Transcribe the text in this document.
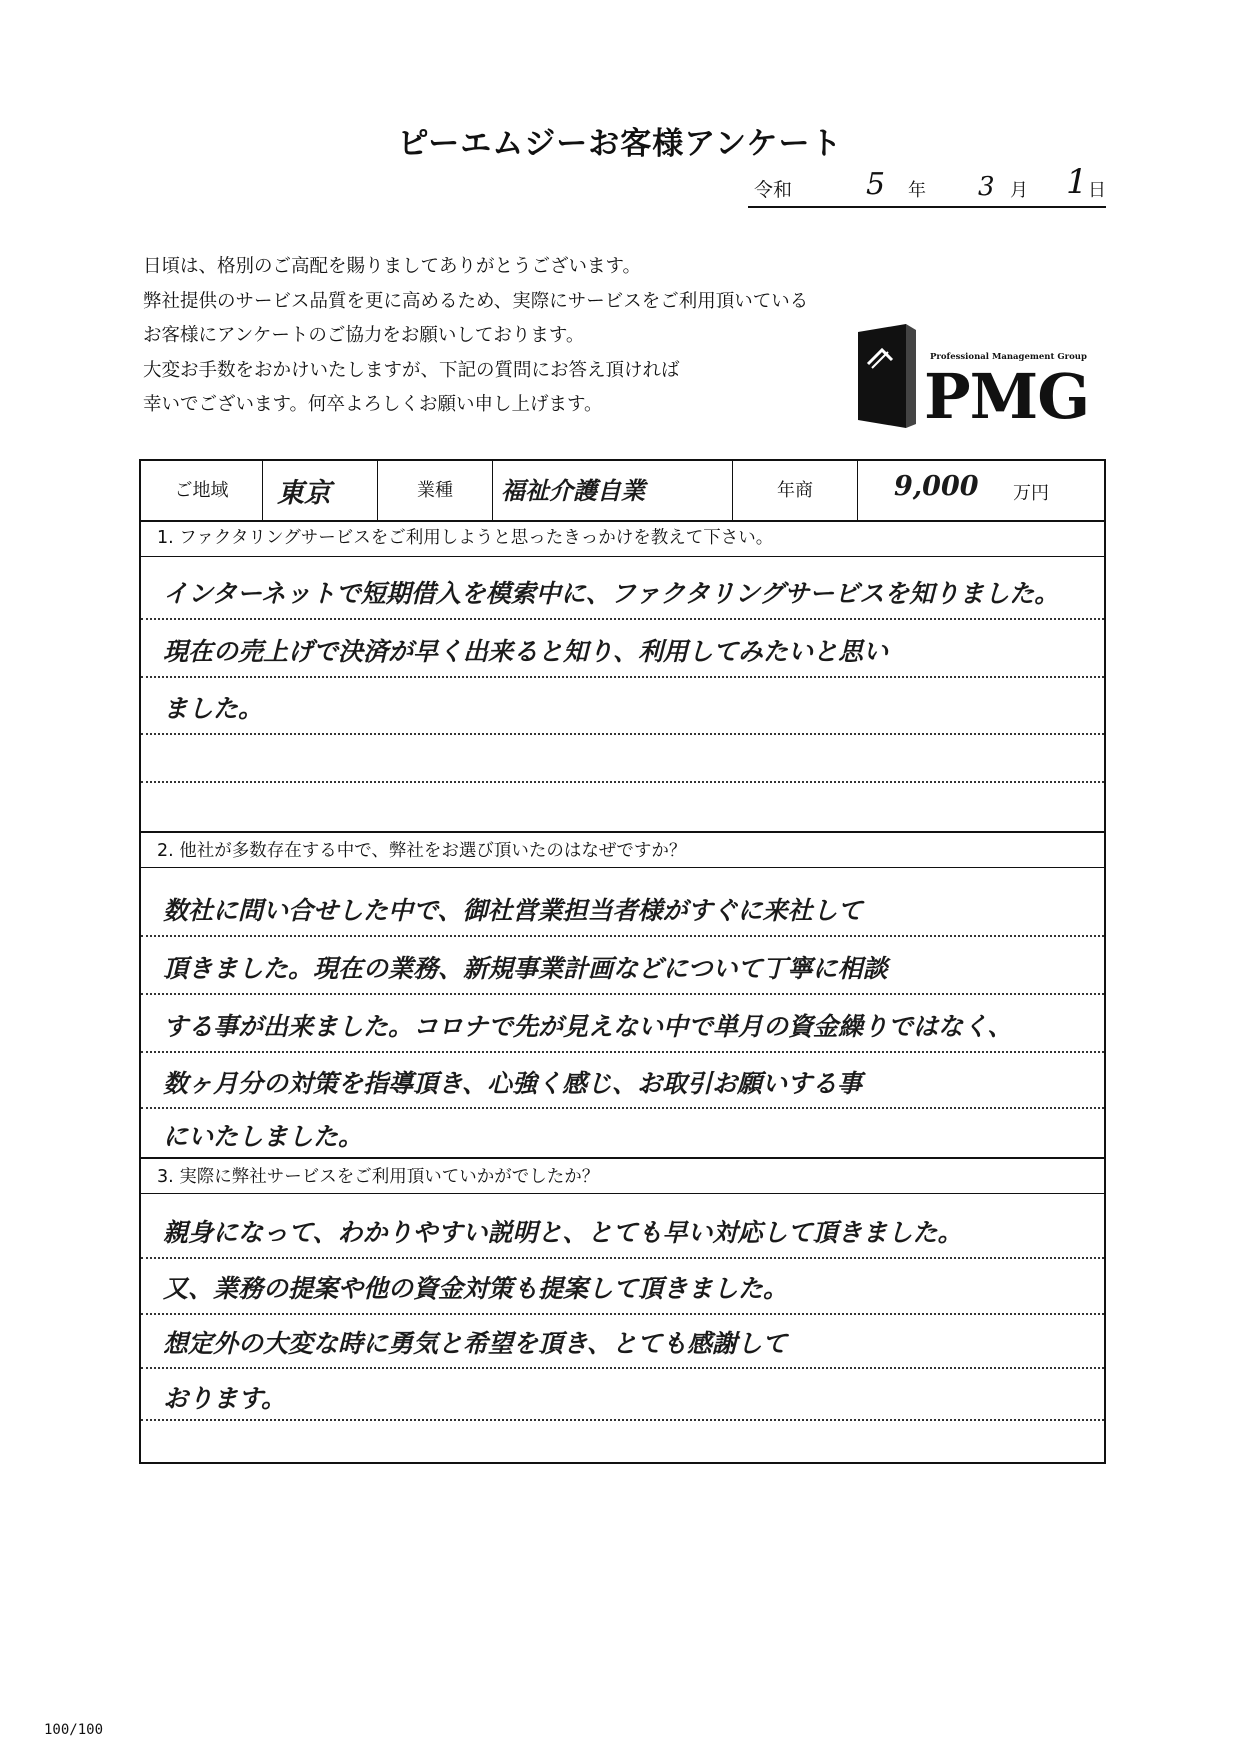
ピーエムジーお客様アンケート
令和 5 年 3 月 1 日
日頃は、格別のご高配を賜りましてありがとうございます。
弊社提供のサービス品質を更に高めるため、実際にサービスをご利用頂いている
お客様にアンケートのご協力をお願いしております。
大変お手数をおかけいたしますが、下記の質問にお答え頂ければ
幸いでございます。何卒よろしくお願い申し上げます。
Professional Management Group
PMG
ご地域	東京	業種	福祉介護自業	年商	9,000 万円
1. ファクタリングサービスをご利用しようと思ったきっかけを教えて下さい。
インターネットで短期借入を模索中に、ファクタリングサービスを知りました。
現在の売上げで決済が早く出来ると知り、利用してみたいと思い
ました。
2. 他社が多数存在する中で、弊社をお選び頂いたのはなぜですか？
数社に問い合せした中で、御社営業担当者様がすぐに来社して
頂きました。現在の業務、新規事業計画などについて丁寧に相談
する事が出来ました。コロナで先が見えない中で単月の資金繰りではなく、
数ヶ月分の対策を指導頂き、心強く感じ、お取引お願いする事
にいたしました。
3. 実際に弊社サービスをご利用頂いていかがでしたか？
親身になって、わかりやすい説明と、とても早い対応して頂きました。
又、業務の提案や他の資金対策も提案して頂きました。
想定外の大変な時に勇気と希望を頂き、とても感謝して
おります。
100/100
